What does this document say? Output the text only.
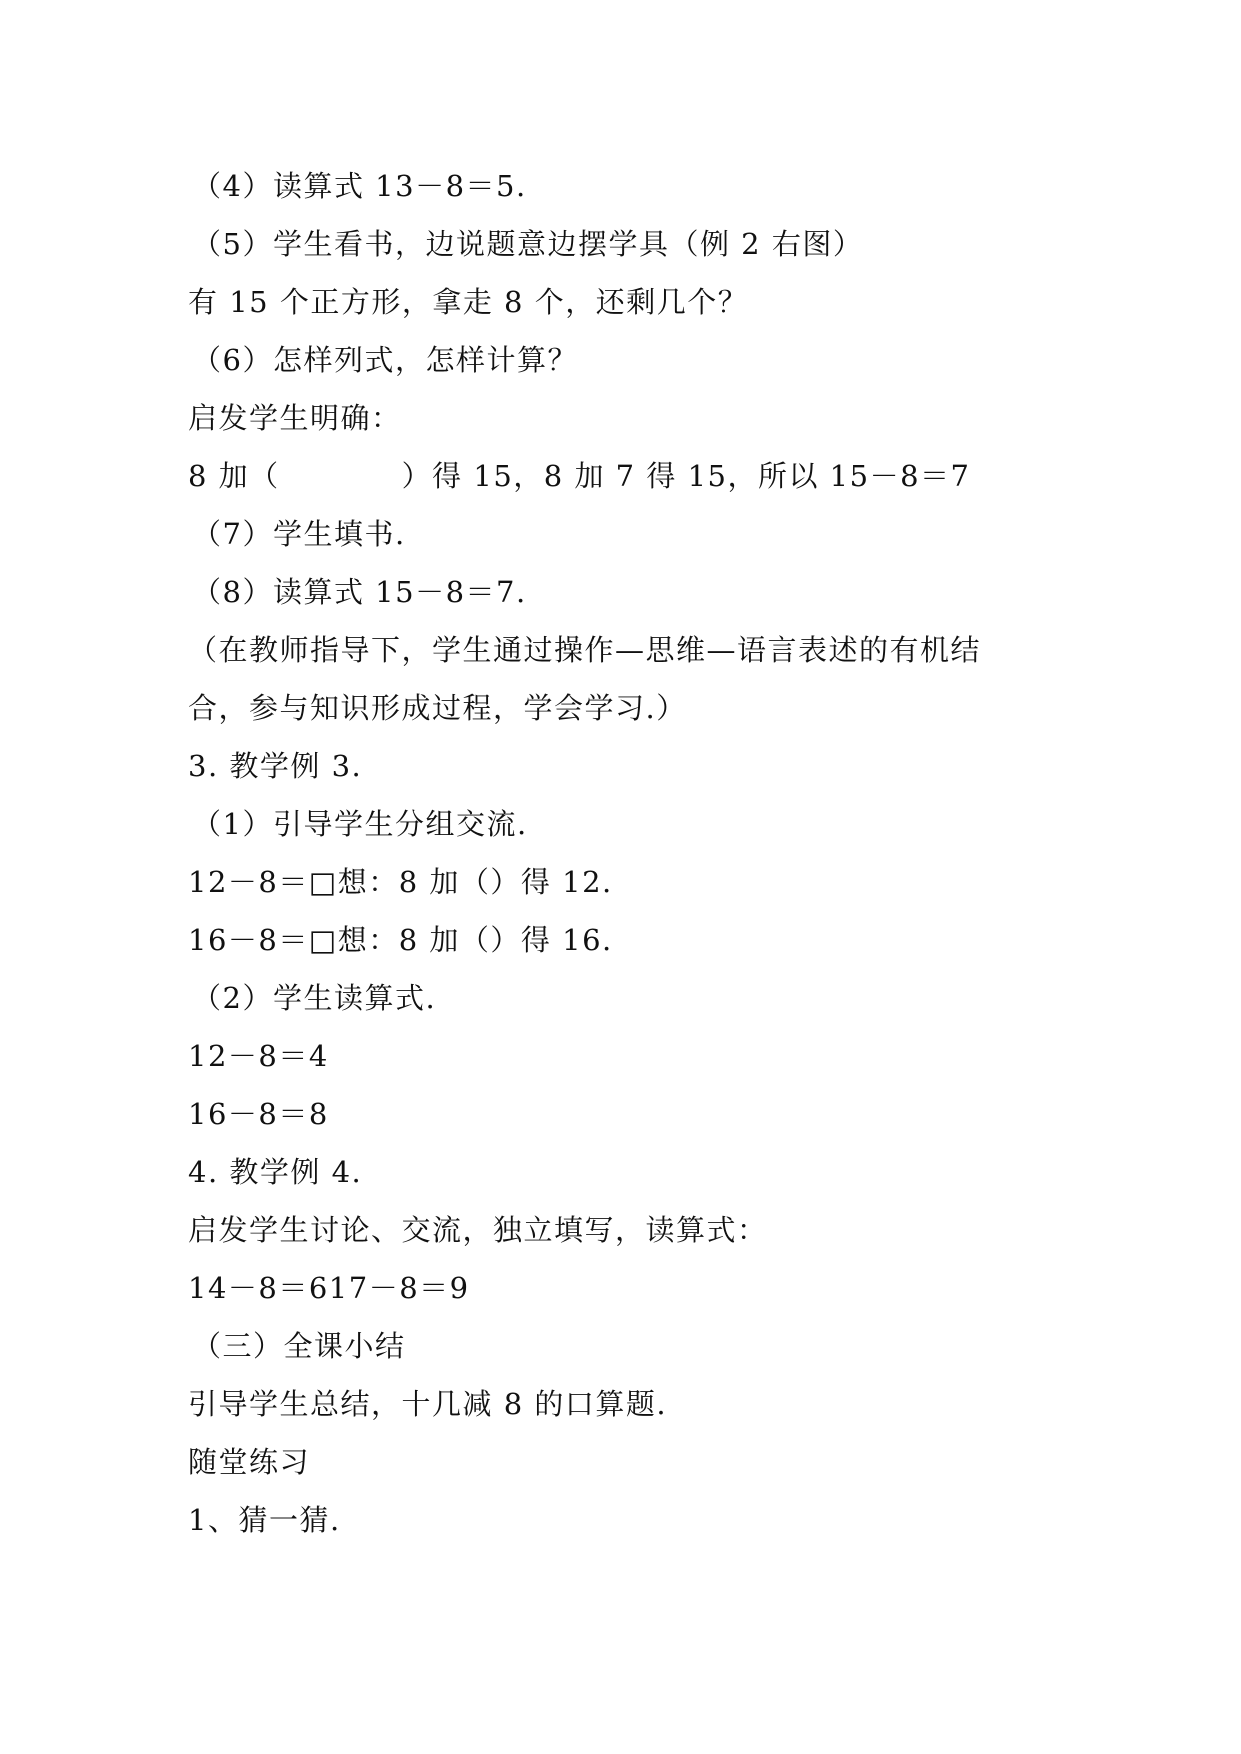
（4）读算式 13－8＝5.
（5）学生看书，边说题意边摆学具（例 2 右图）
有 15 个正方形，拿走 8 个，还剩几个？
（6）怎样列式，怎样计算？
启发学生明确：
8 加（　　　　）得 15，8 加 7 得 15，所以 15－8＝7
（7）学生填书.
（8）读算式 15－8＝7.
（在教师指导下，学生通过操作—思维—语言表述的有机结
合，参与知识形成过程，学会学习.）
3. 教学例 3.
（1）引导学生分组交流.
12－8＝□想：8 加（）得 12.
16－8＝□想：8 加（）得 16.
（2）学生读算式.
12－8＝4
16－8＝8
4. 教学例 4.
启发学生讨论、交流，独立填写，读算式：
14－8＝617－8＝9
（三）全课小结
引导学生总结，十几减 8 的口算题.
随堂练习
1、猜一猜.
